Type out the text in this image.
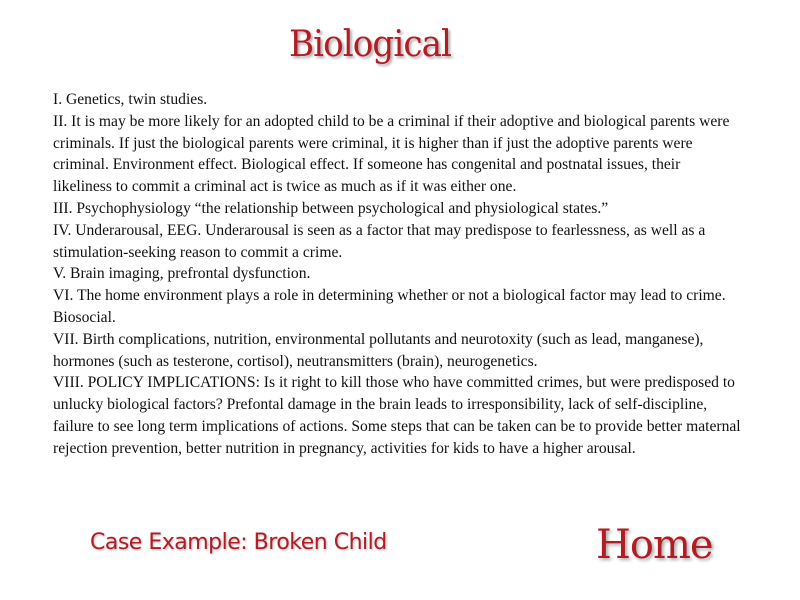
Biological

I. Genetics, twin studies.

II. It is may be more likely for an adopted child to be a criminal if their adoptive and biological parents were criminals. If just the biological parents were criminal, it is higher than if just the adoptive parents were criminal. Environment effect. Biological effect. If someone has congenital and postnatal issues, their likeliness to commit a criminal act is twice as much as if it was either one.

III. Psychophysiology “the relationship between psychological and physiological states.”

IV. Underarousal, EEG. Underarousal is seen as a factor that may predispose to fearlessness, as well as a stimulation-seeking reason to commit a crime.

V. Brain imaging, prefrontal dysfunction.

VI. The home environment plays a role in determining whether or not a biological factor may lead to crime. Biosocial.

VII. Birth complications, nutrition, environmental pollutants and neurotoxity (such as lead, manganese), hormones (such as testerone, cortisol), neutransmitters (brain), neurogenetics.

VIII. POLICY IMPLICATIONS: Is it right to kill those who have committed crimes, but were predisposed to unlucky biological factors? Prefontal damage in the brain leads to irresponsibility, lack of self-discipline, failure to see long term implications of actions. Some steps that can be taken can be to provide better maternal rejection prevention, better nutrition in pregnancy, activities for kids to have a higher arousal.

Case Example: Broken Child	Home
